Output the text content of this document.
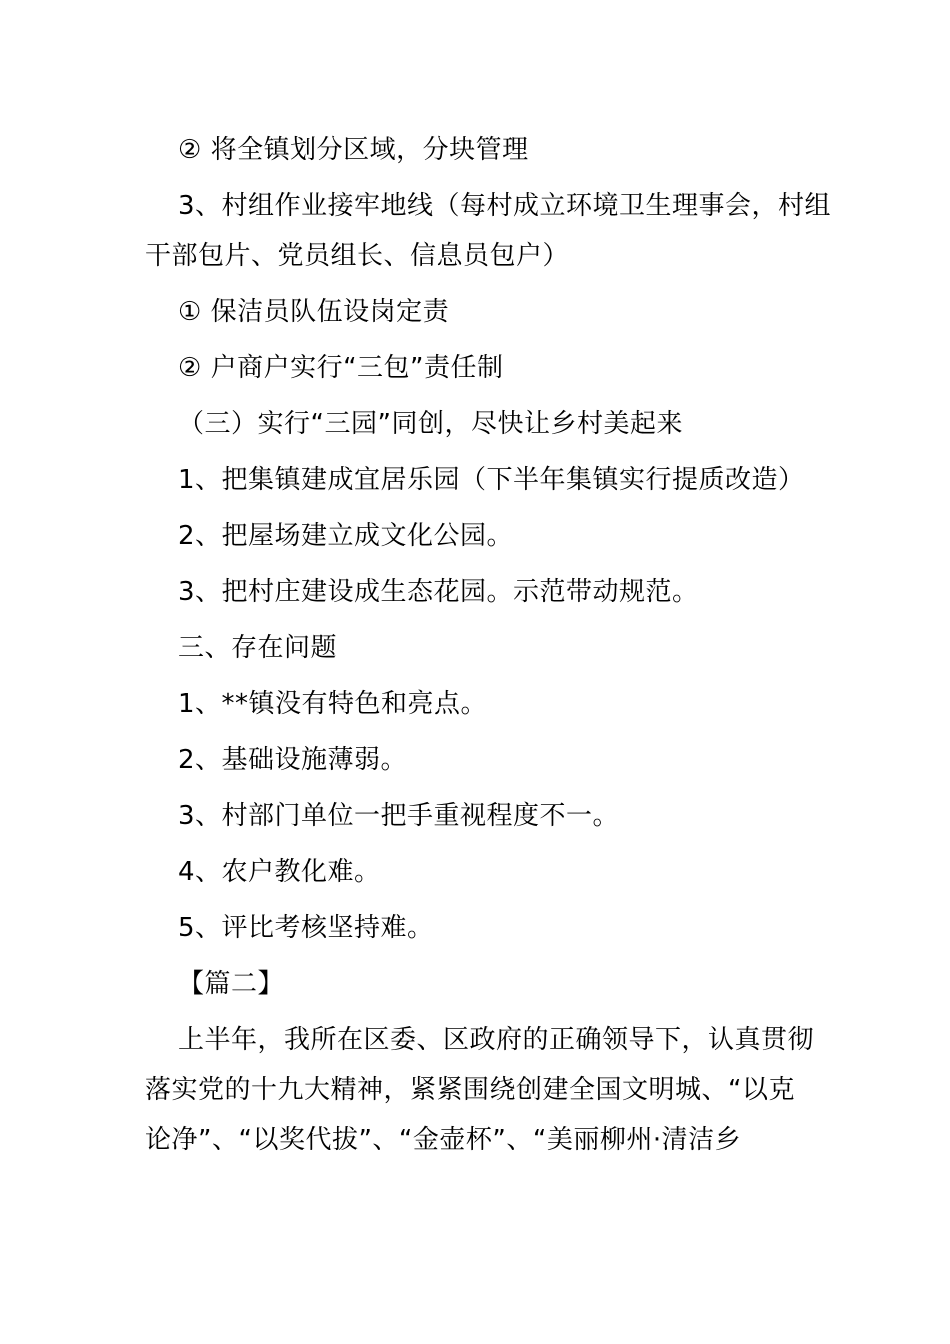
② 将全镇划分区域，分块管理
3、村组作业接牢地线（每村成立环境卫生理事会，村组
干部包片、党员组长、信息员包户）
① 保洁员队伍设岗定责
② 户商户实行“三包”责任制
（三）实行“三园”同创，尽快让乡村美起来
1、把集镇建成宜居乐园（下半年集镇实行提质改造）
2、把屋场建立成文化公园。
3、把村庄建设成生态花园。示范带动规范。
三、存在问题
1、**镇没有特色和亮点。
2、基础设施薄弱。
3、村部门单位一把手重视程度不一。
4、农户教化难。
5、评比考核坚持难。
【篇二】
上半年，我所在区委、区政府的正确领导下，认真贯彻
落实党的十九大精神，紧紧围绕创建全国文明城、“以克
论净”、“以奖代拔”、“金壶杯”、“美丽柳州·清洁乡
